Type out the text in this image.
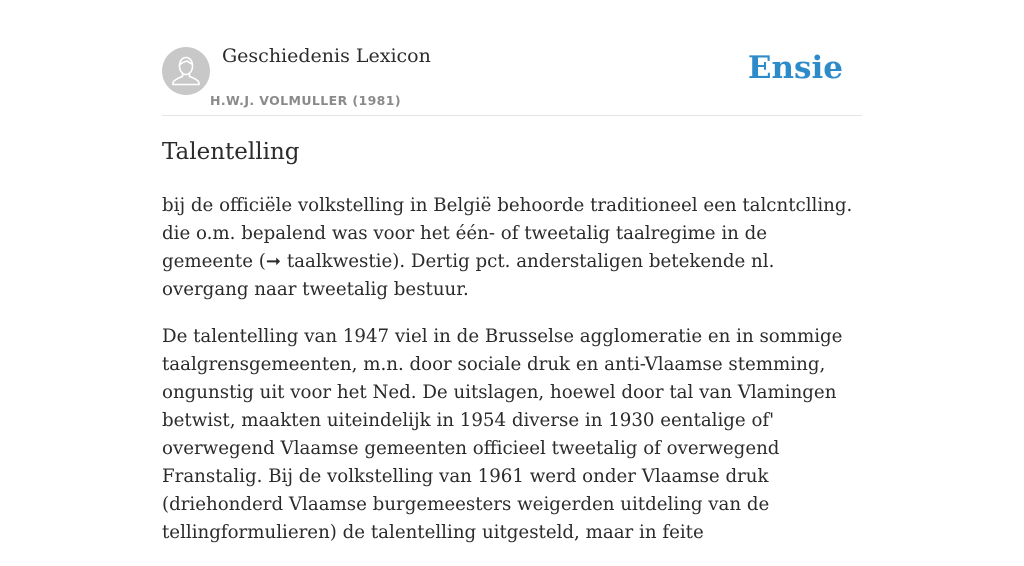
Geschiedenis Lexicon
H.W.J. VOLMULLER (1981)
Ensie
Talentelling

bij de officiële volkstelling in België behoorde traditioneel een talcntclling. die o.m. bepalend was voor het één- of tweetalig taalregime in de gemeente (➞ taalkwestie). Dertig pct. anderstaligen betekende nl. overgang naar tweetalig bestuur.

De talentelling van 1947 viel in de Brusselse agglomeratie en in sommige taalgrensgemeenten, m.n. door sociale druk en anti-Vlaamse stemming, ongunstig uit voor het Ned. De uitslagen, hoewel door tal van Vlamingen betwist, maakten uiteindelijk in 1954 diverse in 1930 eentalige of' overwegend Vlaamse gemeenten officieel tweetalig of overwegend Franstalig. Bij de volkstelling van 1961 werd onder Vlaamse druk (driehonderd Vlaamse burgemeesters weigerden uitdeling van de tellingformulieren) de talentelling uitgesteld, maar in feite
